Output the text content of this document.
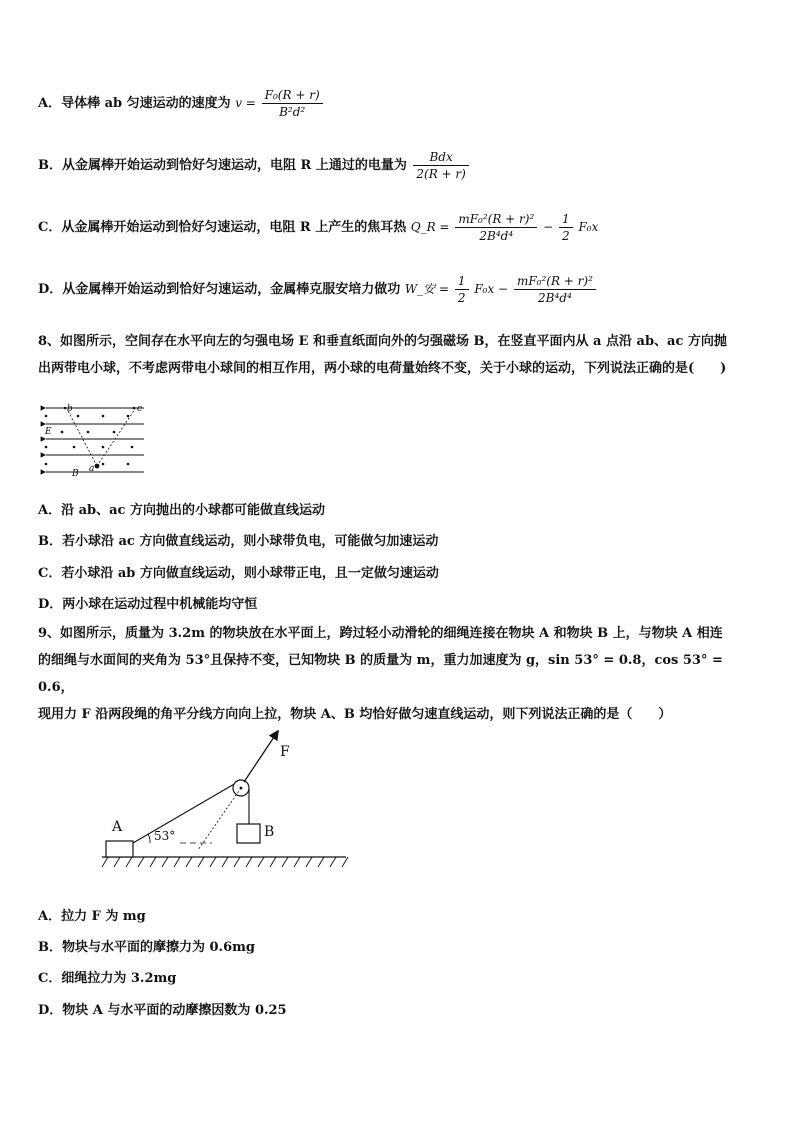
A．导体棒 ab 匀速运动的速度为 $v = \frac{\text{F₀(R + r)}}{\text{B²d²}}$
B．从金属棒开始运动到恰好匀速运动，电阻 R 上通过的电量为 $\frac{\text{Bdx}}{2(R + r)}$
C．从金属棒开始运动到恰好匀速运动，电阻 R 上产生的焦耳热 Q_R = $\frac{\text{mF₀²(R + r)²}}{\text{2B⁴d⁴}} - \frac{1}{2} F_0x$
D．从金属棒开始运动到恰好匀速运动，金属棒克服安培力做功 W_安 = $\frac{1}{2} F_0x - \frac{\text{mF₀²(R + r)²}}{\text{2B⁴d⁴}}$
8、如图所示，空间存在水平向左的匀强电场 E 和垂直纸面向外的匀强磁场 B，在竖直平面内从 a 点沿 ab、ac 方向抛
出两带电小球，不考虑两带电小球间的相互作用，两小球的电荷量始终不变，关于小球的运动，下列说法正确的是(　　)
b	c
a
E
B
A．沿 ab、ac 方向抛出的小球都可能做直线运动
B．若小球沿 ac 方向做直线运动，则小球带负电，可能做匀加速运动
C．若小球沿 ab 方向做直线运动，则小球带正电，且一定做匀速运动
D．两小球在运动过程中机械能均守恒
9、如图所示，质量为 3.2m 的物块放在水平面上，跨过轻小动滑轮的细绳连接在物块 A 和物块 B 上，与物块 A 相连
的细绳与水面间的夹角为 53°且保持不变，已知物块 B 的质量为 m，重力加速度为 g，sin 53° = 0.8，cos 53° = 0.6，
现用力 F 沿两段绳的角平分线方向向上拉，物块 A、B 均恰好做匀速直线运动，则下列说法正确的是（　　）
A	B
F
53°
A．拉力 F 为 mg
B．物块与水平面的摩擦力为 0.6mg
C．细绳拉力为 3.2mg
D．物块 A 与水平面的动摩擦因数为 0.25
